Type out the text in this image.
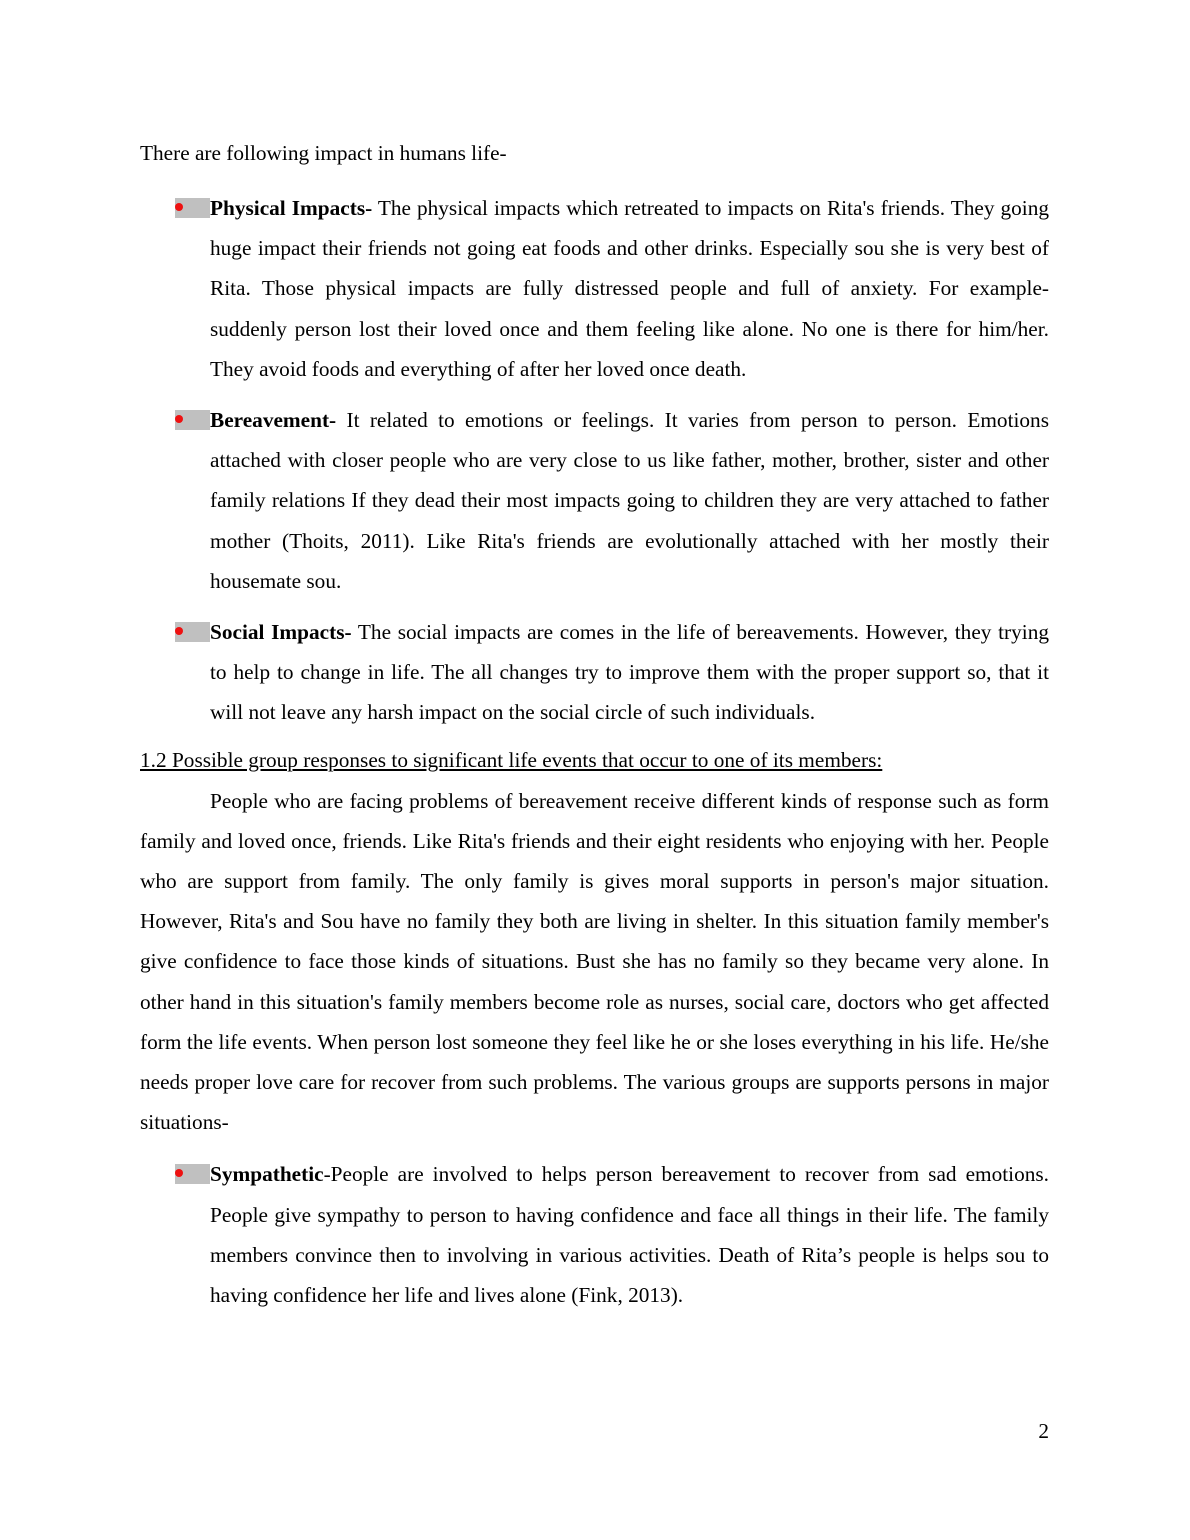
There are following impact in humans life-

Physical Impacts- The physical impacts which retreated to impacts on Rita's friends. They going huge impact their friends not going eat foods and other drinks. Especially sou she is very best of Rita. Those physical impacts are fully distressed people and full of anxiety. For example- suddenly person lost their loved once and them feeling like alone. No one is there for him/her. They avoid foods and everything of after her loved once death.
Bereavement- It related to emotions or feelings. It varies from person to person. Emotions attached with closer people who are very close to us like father, mother, brother, sister and other family relations If they dead their most impacts going to children they are very attached to father mother (Thoits, 2011). Like Rita's friends are evolutionally attached with her mostly their housemate sou.
Social Impacts- The social impacts are comes in the life of bereavements. However, they trying to help to change in life. The all changes try to improve them with the proper support so, that it will not leave any harsh impact on the social circle of such individuals.

1.2 Possible group responses to significant life events that occur to one of its members:

People who are facing problems of bereavement receive different kinds of response such as form family and loved once, friends. Like Rita's friends and their eight residents who enjoying with her. People who are support from family. The only family is gives moral supports in person's major situation. However, Rita's and Sou have no family they both are living in shelter. In this situation family member's give confidence to face those kinds of situations. Bust she has no family so they became very alone. In other hand in this situation's family members become role as nurses, social care, doctors who get affected form the life events. When person lost someone they feel like he or she loses everything in his life. He/she needs proper love care for recover from such problems. The various groups are supports persons in major situations-

Sympathetic-People are involved to helps person bereavement to recover from sad emotions. People give sympathy to person to having confidence and face all things in their life. The family members convince then to involving in various activities. Death of Rita’s people is helps sou to having confidence her life and lives alone (Fink, 2013).
2
